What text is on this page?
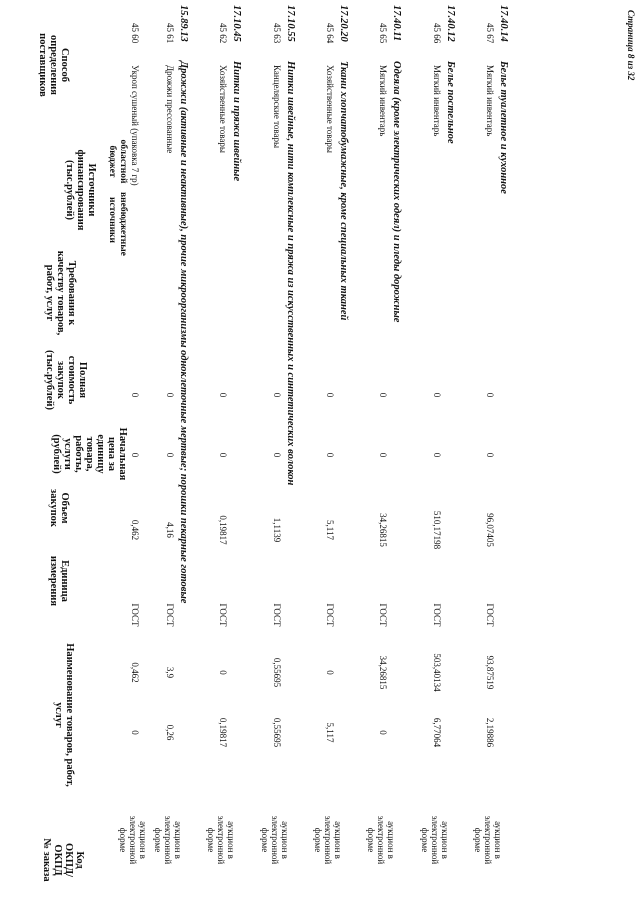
Код
ОКПД/
ОКПД
№ заказа
Наименование товаров, работ, услуг
Единица измерения
Объем закупок
Начальная цена за единицу товара, работы, услуги (рублей)
Полная стоимость закупок (тыс.рублей)
Требования к качеству товаров, работ, услуг
Источники финансирования (тыс.рублей)	областной бюджет
внебюджетные источники
Способ определения поставщиков
45 60
Укроп сушеный (упаковка 7 гр)
0
0
0,462
ГОСТ
0
0,462
аукцион в
электронной
форме
15.89.13
Дрожжи (активные и неактивные), прочие микроорганизмы одноклеточные мертвые; порошки пекарные готовые
45 61
Дрожжи прессованные
0
0
4,16
ГОСТ
0,26
3,9
аукцион в
электронной
форме
17.10.45
Нитки и пряжа швейные
45 62
Хозяйственные товары
0
0
0,19817
ГОСТ
0,19817
0
аукцион в
электронной
форме
17.10.55
Нитки швейные, нити комплексные и пряжа из искусственных и синтетических волокон
45 63
Канцелярские товары
0
0
1,1139
ГОСТ
0,55695
0,55695
аукцион в
электронной
форме
17.20.20
Ткани хлопчатобумажные, кроме специальных тканей
45 64
Хозяйственные товары
0
0
5,117
ГОСТ
5,117
0
аукцион в
электронной
форме
17.40.11
Одеяла (кроме электрических одеял) и пледы дорожные
45 65
Мягкий инвентарь
0
0
34,26815
ГОСТ
0
34,26815
аукцион в
электронной
форме
17.40.12
Белье постельное
45 66
Мягкий инвентарь
0
0
510,17198
ГОСТ
6,77064
503,40134
аукцион в
электронной
форме
17.40.14
Белье туалетное и кухонное
45 67
Мягкий инвентарь
0
0
96,07405
ГОСТ
2,19886
93,87519
аукцион в
электронной
форме
Страница 8 из 32
